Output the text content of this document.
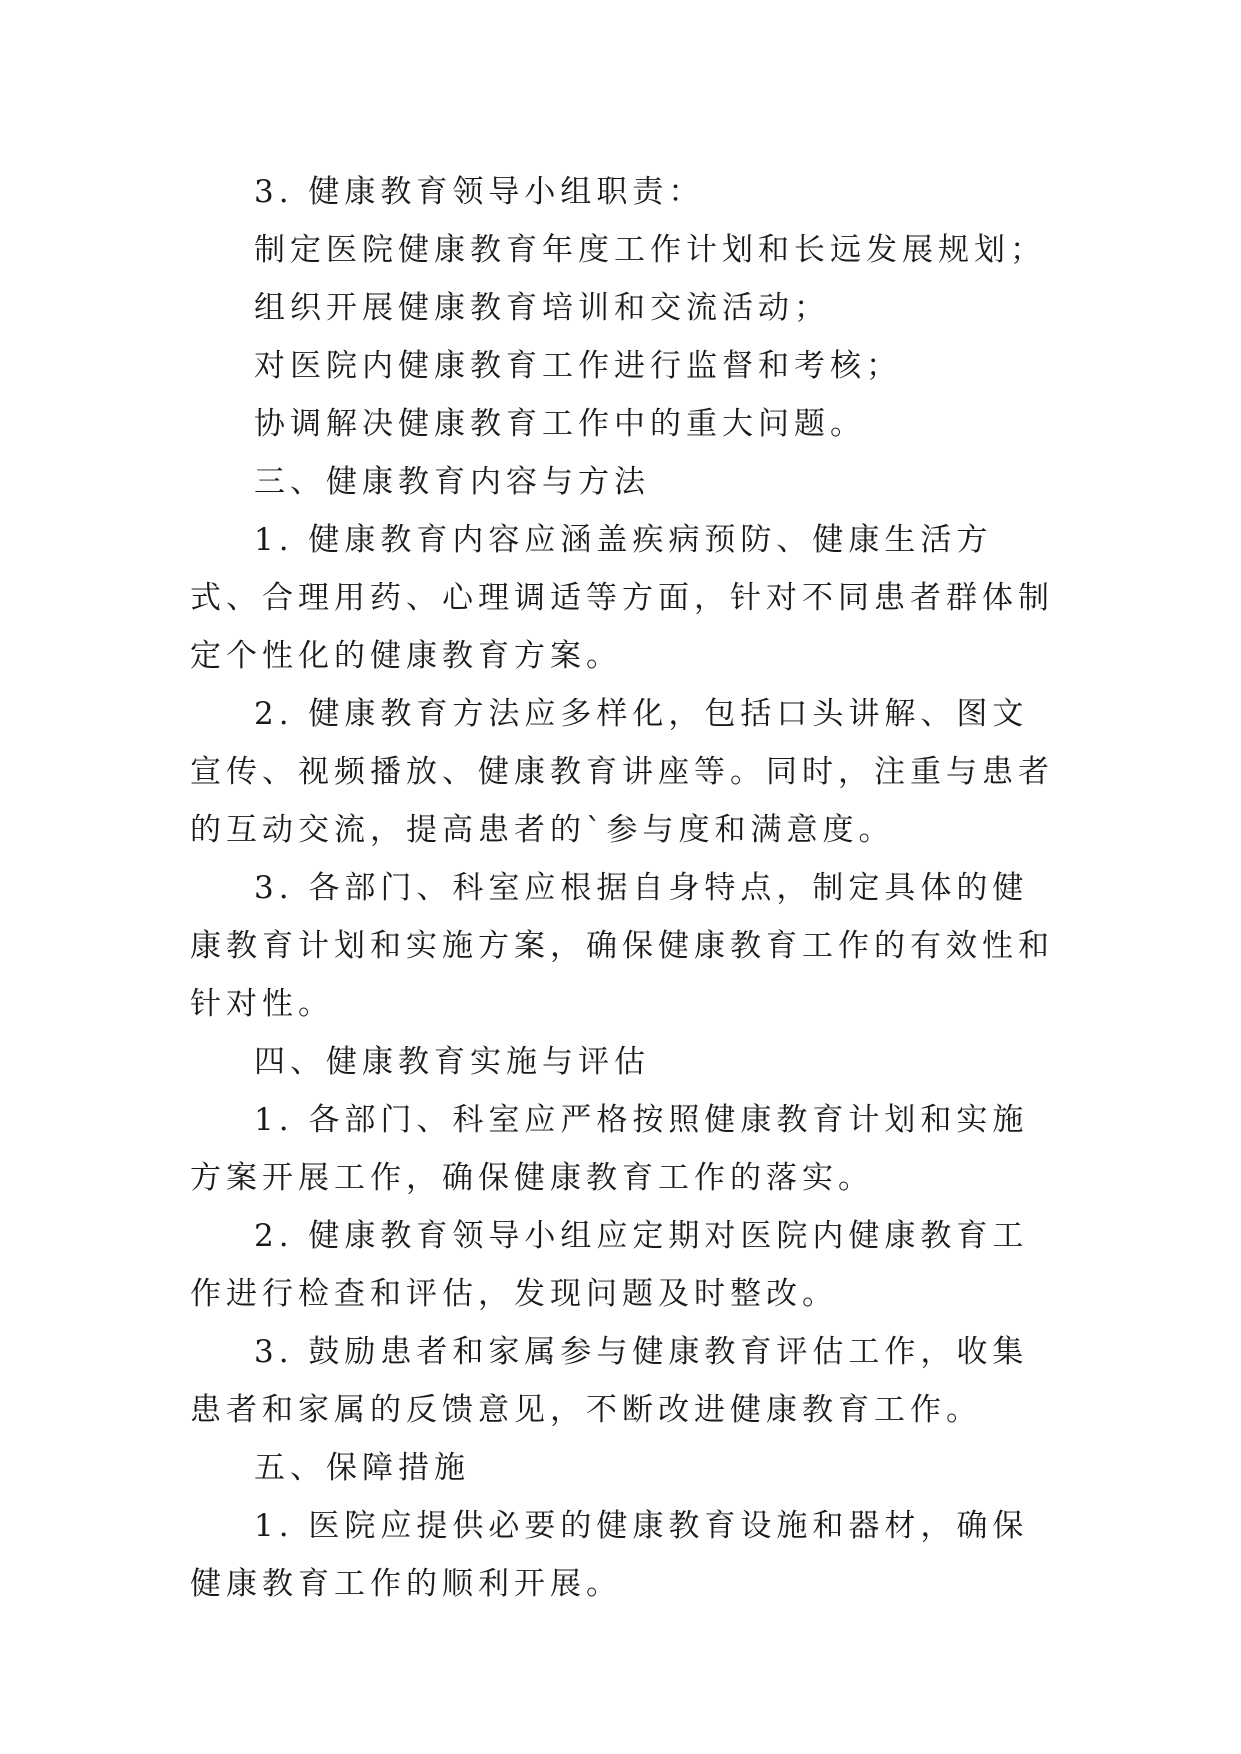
3. 健康教育领导小组职责：

制定医院健康教育年度工作计划和长远发展规划；

组织开展健康教育培训和交流活动；

对医院内健康教育工作进行监督和考核；

协调解决健康教育工作中的重大问题。

三、健康教育内容与方法

1. 健康教育内容应涵盖疾病预防、健康生活方式、合理用药、心理调适等方面，针对不同患者群体制定个性化的健康教育方案。

2. 健康教育方法应多样化，包括口头讲解、图文宣传、视频播放、健康教育讲座等。同时，注重与患者的互动交流，提高患者的`参与度和满意度。

3. 各部门、科室应根据自身特点，制定具体的健康教育计划和实施方案，确保健康教育工作的有效性和针对性。

四、健康教育实施与评估

1. 各部门、科室应严格按照健康教育计划和实施方案开展工作，确保健康教育工作的落实。

2. 健康教育领导小组应定期对医院内健康教育工作进行检查和评估，发现问题及时整改。

3. 鼓励患者和家属参与健康教育评估工作，收集患者和家属的反馈意见，不断改进健康教育工作。

五、保障措施

1. 医院应提供必要的健康教育设施和器材，确保健康教育工作的顺利开展。
